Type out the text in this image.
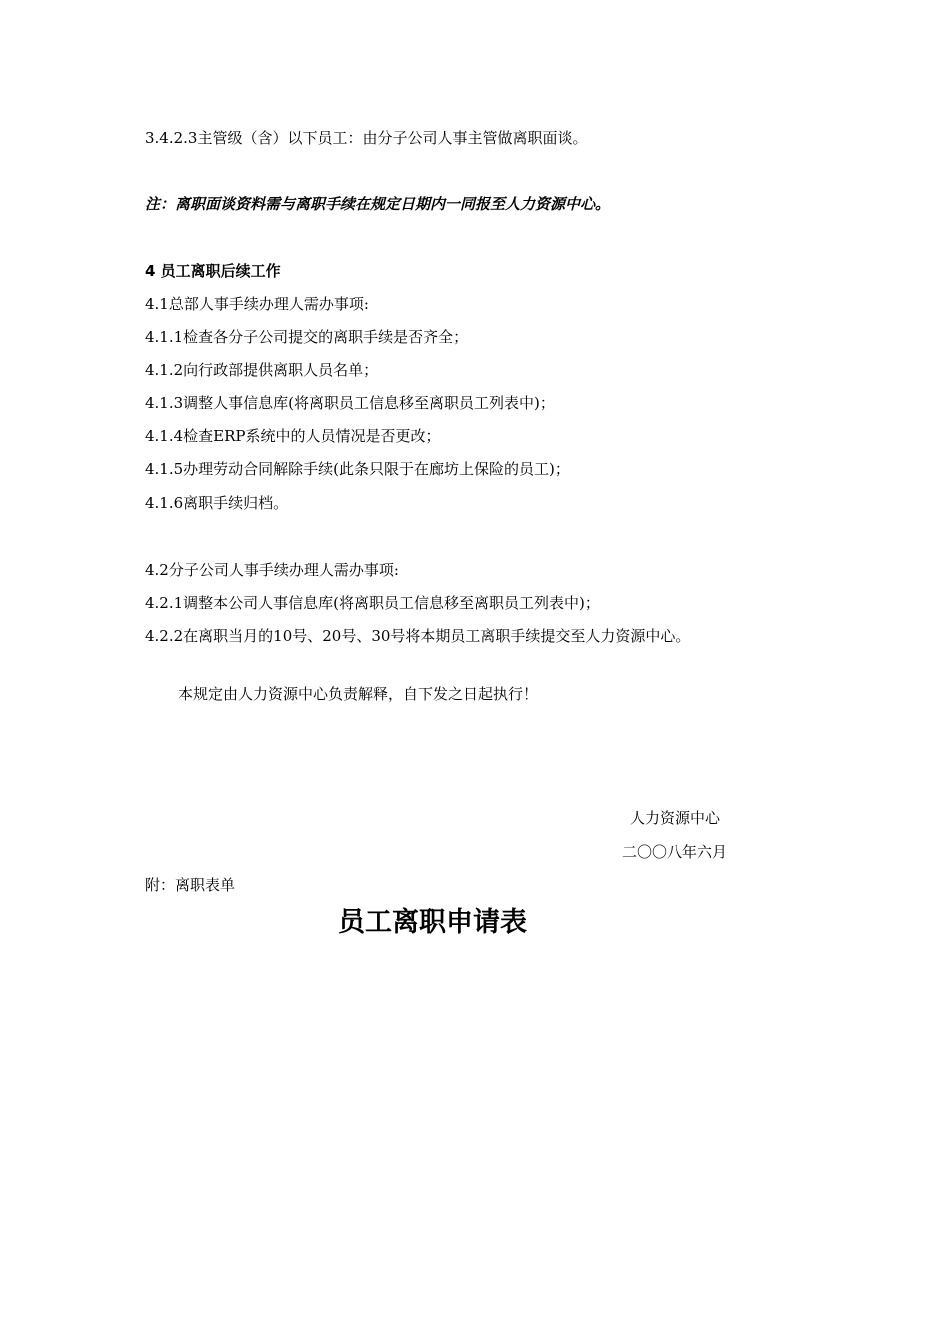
3.4.2.3主管级（含）以下员工：由分子公司人事主管做离职面谈。
注：离职面谈资料需与离职手续在规定日期内一同报至人力资源中心。
4 员工离职后续工作
4.1总部人事手续办理人需办事项:
4.1.1检查各分子公司提交的离职手续是否齐全；
4.1.2向行政部提供离职人员名单；
4.1.3调整人事信息库(将离职员工信息移至离职员工列表中)；
4.1.4检查ERP系统中的人员情况是否更改；
4.1.5办理劳动合同解除手续(此条只限于在廊坊上保险的员工)；
4.1.6离职手续归档。
4.2分子公司人事手续办理人需办事项:
4.2.1调整本公司人事信息库(将离职员工信息移至离职员工列表中)；
4.2.2在离职当月的10号、20号、30号将本期员工离职手续提交至人力资源中心。
本规定由人力资源中心负责解释，自下发之日起执行！
人力资源中心
二〇〇八年六月
附：离职表单
员工离职申请表
